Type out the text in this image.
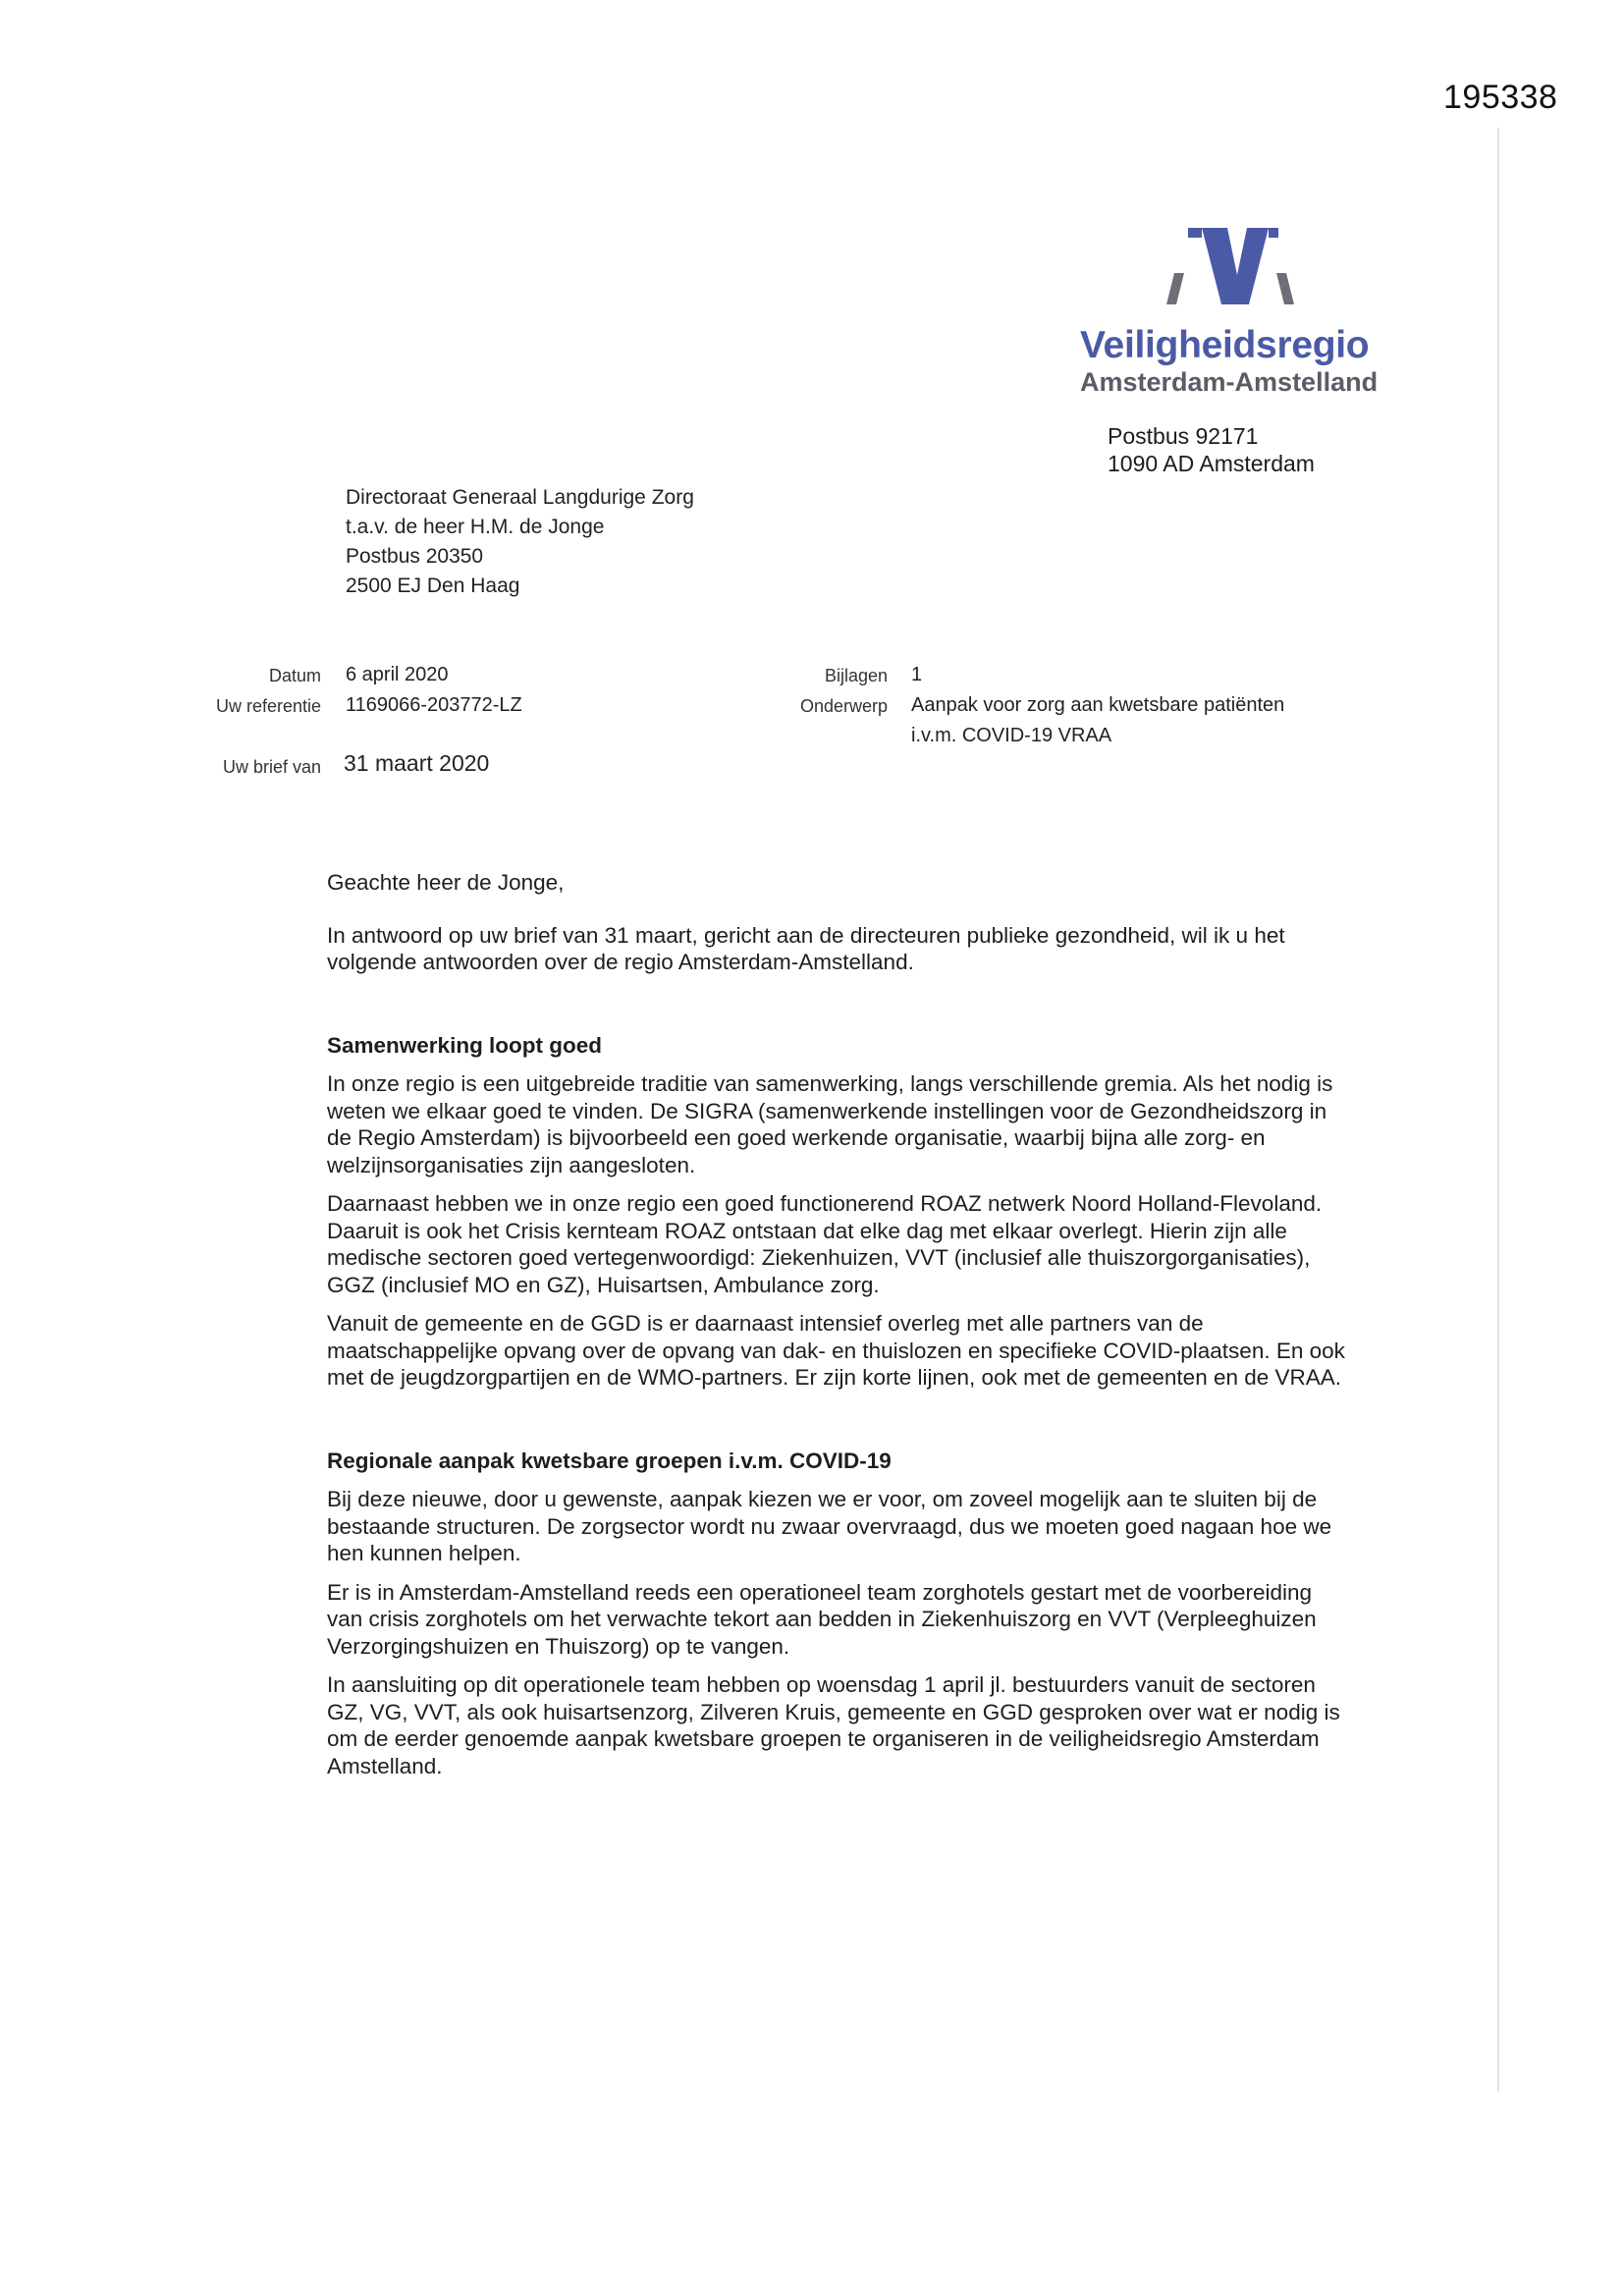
195338
Veiligheidsregio
Amsterdam-Amstelland
Postbus 92171
1090 AD Amsterdam
Directoraat Generaal Langdurige Zorg
t.a.v. de heer H.M. de Jonge
Postbus 20350
2500 EJ Den Haag
Datum 6 april 2020
Uw referentie 1169066-203772-LZ
Uw brief van 31 maart 2020
Bijlagen 1
Onderwerp Aanpak voor zorg aan kwetsbare patiënten
i.v.m. COVID-19 VRAA

Geachte heer de Jonge,

In antwoord op uw brief van 31 maart, gericht aan de directeuren publieke gezondheid, wil ik u het volgende antwoorden over de regio Amsterdam-Amstelland.

Samenwerking loopt goed

In onze regio is een uitgebreide traditie van samenwerking, langs verschillende gremia. Als het nodig is weten we elkaar goed te vinden. De SIGRA (samenwerkende instellingen voor de Gezondheidszorg in de Regio Amsterdam) is bijvoorbeeld een goed werkende organisatie, waarbij bijna alle zorg- en welzijnsorganisaties zijn aangesloten.

Daarnaast hebben we in onze regio een goed functionerend ROAZ netwerk Noord Holland-Flevoland. Daaruit is ook het Crisis kernteam ROAZ ontstaan dat elke dag met elkaar overlegt. Hierin zijn alle medische sectoren goed vertegenwoordigd: Ziekenhuizen, VVT (inclusief alle thuiszorgorganisaties), GGZ (inclusief MO en GZ), Huisartsen, Ambulance zorg.

Vanuit de gemeente en de GGD is er daarnaast intensief overleg met alle partners van de maatschappelijke opvang over de opvang van dak- en thuislozen en specifieke COVID-plaatsen. En ook met de jeugdzorgpartijen en de WMO-partners. Er zijn korte lijnen, ook met de gemeenten en de VRAA.

Regionale aanpak kwetsbare groepen i.v.m. COVID-19

Bij deze nieuwe, door u gewenste, aanpak kiezen we er voor, om zoveel mogelijk aan te sluiten bij de bestaande structuren. De zorgsector wordt nu zwaar overvraagd, dus we moeten goed nagaan hoe we hen kunnen helpen.

Er is in Amsterdam-Amstelland reeds een operationeel team zorghotels gestart met de voorbereiding van crisis zorghotels om het verwachte tekort aan bedden in Ziekenhuiszorg en VVT (Verpleeghuizen Verzorgingshuizen en Thuiszorg) op te vangen.

In aansluiting op dit operationele team hebben op woensdag 1 april jl. bestuurders vanuit de sectoren GZ, VG, VVT, als ook huisartsenzorg, Zilveren Kruis, gemeente en GGD gesproken over wat er nodig is om de eerder genoemde aanpak kwetsbare groepen te organiseren in de veiligheidsregio Amsterdam Amstelland.
